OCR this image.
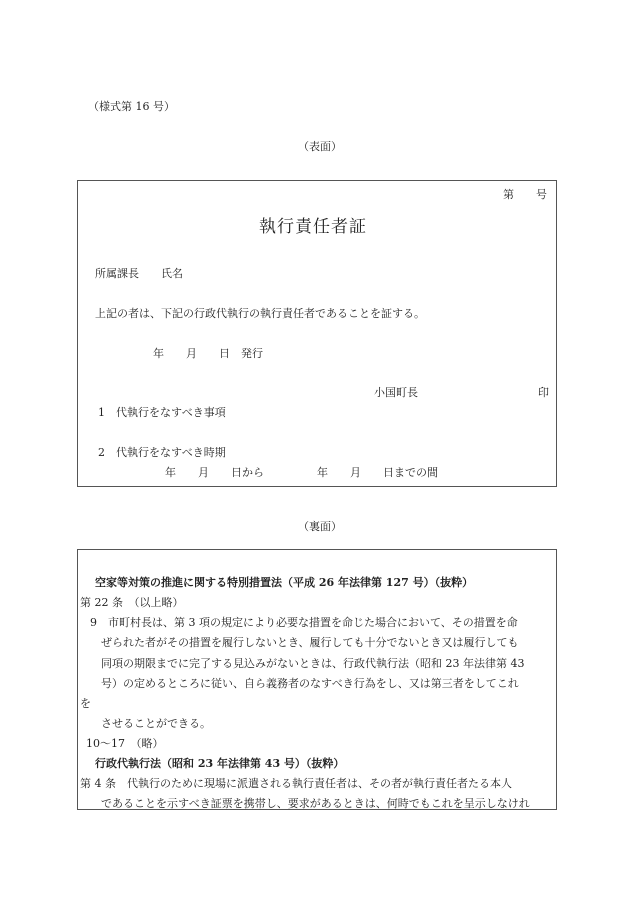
（様式第 16 号）
（表面）
第　　号
執行責任者証
所属課長　　氏名
上記の者は、下記の行政代執行の執行責任者であることを証する。
年　　月　　日　発行
小国町長	印
1　代執行をなすべき事項
2　代執行をなすべき時期
年　　月　　日から	年　　月　　日までの間
（裏面）
空家等対策の推進に関する特別措置法（平成 26 年法律第 127 号）（抜粋）
第 22 条　（以上略）
9　市町村長は、第 3 項の規定により必要な措置を命じた場合において、その措置を命
ぜられた者がその措置を履行しないとき、履行しても十分でないとき又は履行しても
同項の期限までに完了する見込みがないときは、行政代執行法（昭和 23 年法律第 43
号）の定めるところに従い、自ら義務者のなすべき行為をし、又は第三者をしてこれ
を
させることができる。
10〜17　（略）
行政代執行法（昭和 23 年法律第 43 号）（抜粋）
第 4 条　代執行のために現場に派遣される執行責任者は、その者が執行責任者たる本人
であることを示すべき証票を携帯し、要求があるときは、何時でもこれを呈示しなけれ
